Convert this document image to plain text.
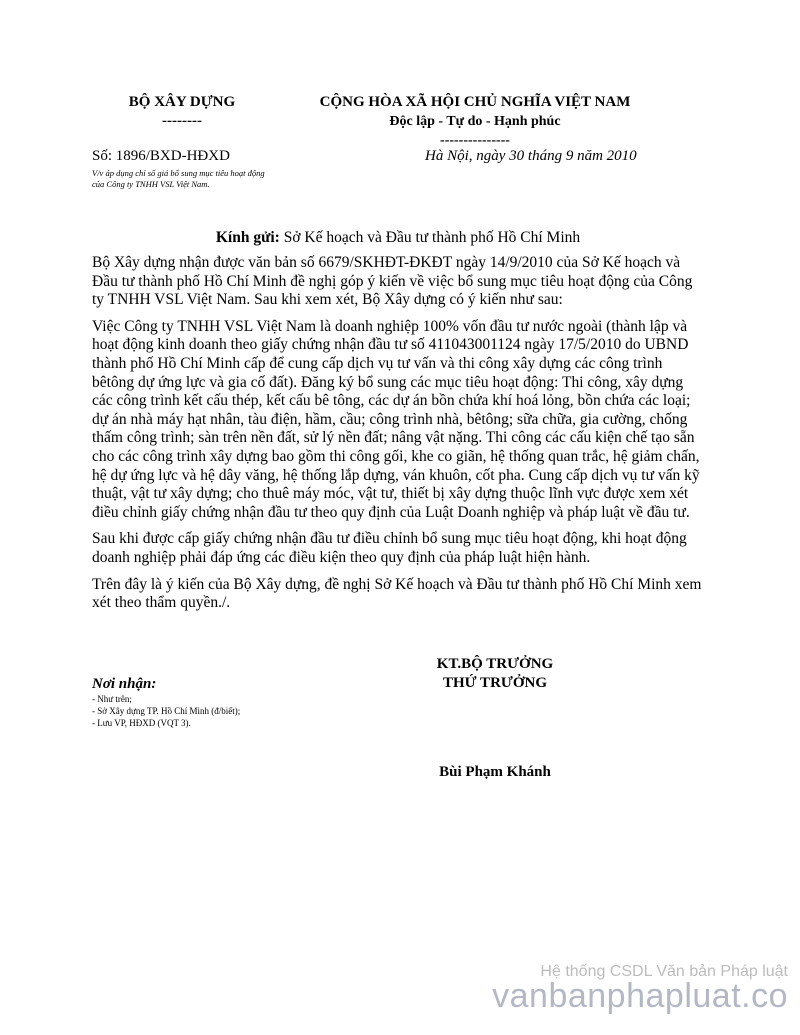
BỘ XÂY DỰNG
--------
CỘNG HÒA XÃ HỘI CHỦ NGHĨA VIỆT NAM
Độc lập - Tự do - Hạnh phúc
---------------
Số: 1896/BXD-HĐXD
V/v áp dụng chỉ số giá bổ sung mục tiêu hoạt động của Công ty TNHH VSL Việt Nam.
Hà Nội, ngày 30 tháng 9 năm 2010
Kính gửi: Sở Kế hoạch và Đầu tư thành phố Hồ Chí Minh

Bộ Xây dựng nhận được văn bản số 6679/SKHĐT-ĐKĐT ngày 14/9/2010 của Sở Kế hoạch và Đầu tư thành phố Hồ Chí Minh đề nghị góp ý kiến về việc bổ sung mục tiêu hoạt động của Công ty TNHH VSL Việt Nam. Sau khi xem xét, Bộ Xây dựng có ý kiến như sau:

Việc Công ty TNHH VSL Việt Nam là doanh nghiệp 100% vốn đầu tư nước ngoài (thành lập và hoạt động kinh doanh theo giấy chứng nhận đầu tư số 411043001124 ngày 17/5/2010 do UBND thành phố Hồ Chí Minh cấp để cung cấp dịch vụ tư vấn và thi công xây dựng các công trình bêtông dự ứng lực và gia cố đất). Đăng ký bổ sung các mục tiêu hoạt động: Thi công, xây dựng các công trình kết cấu thép, kết cấu bê tông, các dự án bồn chứa khí hoá lỏng, bồn chứa các loại; dự án nhà máy hạt nhân, tàu điện, hầm, cầu; công trình nhà, bêtông; sữa chữa, gia cường, chống thấm công trình; sàn trên nền đất, sử lý nền đất; nâng vật nặng. Thi công các cấu kiện chế tạo sẵn cho các công trình xây dựng bao gồm thi công gối, khe co giãn, hệ thống quan trắc, hệ giảm chấn, hệ dự ứng lực và hệ dây văng, hệ thống lắp dựng, ván khuôn, cốt pha. Cung cấp dịch vụ tư vấn kỹ thuật, vật tư xây dựng; cho thuê máy móc, vật tư, thiết bị xây dựng thuộc lĩnh vực được xem xét điều chỉnh giấy chứng nhận đầu tư theo quy định của Luật Doanh nghiệp và pháp luật về đầu tư.

Sau khi được cấp giấy chứng nhận đầu tư điều chỉnh bổ sung mục tiêu hoạt động, khi hoạt động doanh nghiệp phải đáp ứng các điều kiện theo quy định của pháp luật hiện hành.

Trên đây là ý kiến của Bộ Xây dựng, đề nghị Sở Kế hoạch và Đầu tư thành phố Hồ Chí Minh xem xét theo thẩm quyền./.

Nơi nhận:
- Như trên;
- Sở Xây dựng TP. Hồ Chí Minh (đ/biết);
- Lưu VP, HĐXD (VQT 3).
KT.BỘ TRƯỞNG
THỨ TRƯỞNG
Bùi Phạm Khánh
Hệ thống CSDL Văn bản Pháp luật
vanbanphapluat.co
